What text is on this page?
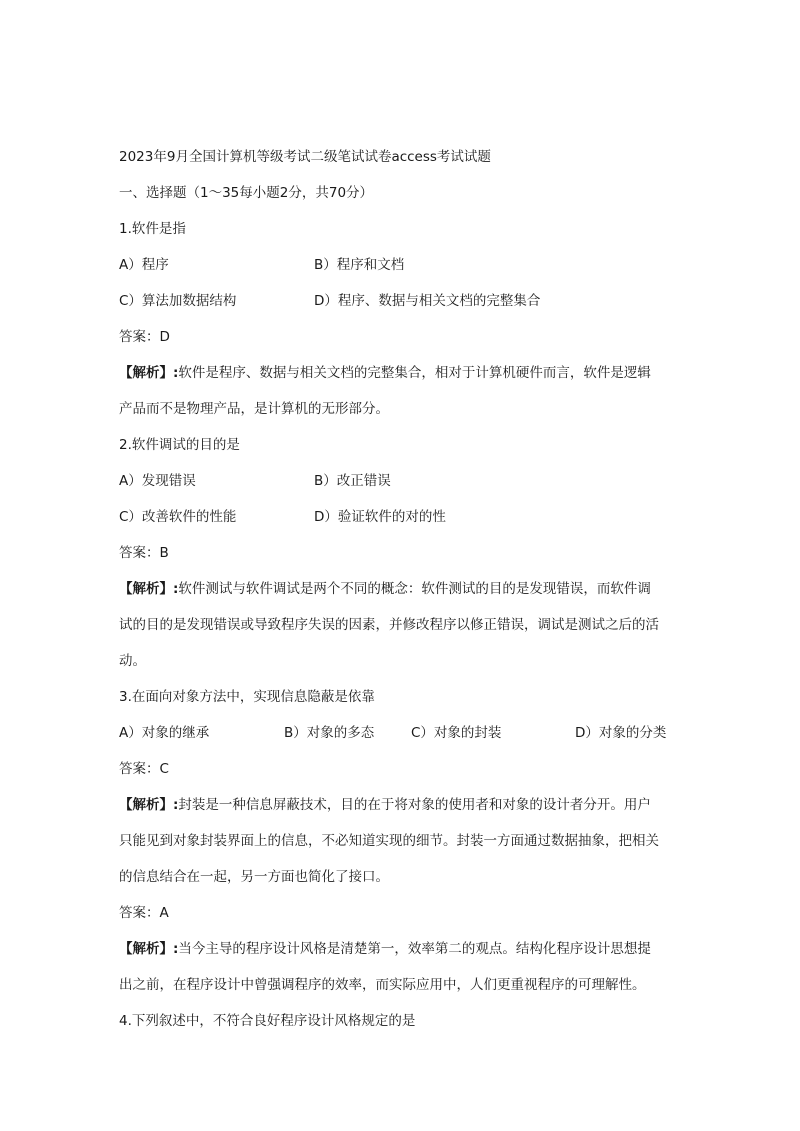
2023年9月全国计算机等级考试二级笔试试卷access考试试题
一、选择题（1～35每小题2分，共70分）
1.软件是指
A）程序	B）程序和文档
C）算法加数据结构	D）程序、数据与相关文档的完整集合
答案：D
【解析】:软件是程序、数据与相关文档的完整集合，相对于计算机硬件而言，软件是逻辑
产品而不是物理产品，是计算机的无形部分。
2.软件调试的目的是
A）发现错误	B）改正错误
C）改善软件的性能	D）验证软件的对的性
答案：B
【解析】:软件测试与软件调试是两个不同的概念：软件测试的目的是发现错误，而软件调
试的目的是发现错误或导致程序失误的因素，并修改程序以修正错误，调试是测试之后的活
动。
3.在面向对象方法中，实现信息隐蔽是依靠
A）对象的继承	B）对象的多态	C）对象的封装	D）对象的分类
答案：C
【解析】:封装是一种信息屏蔽技术，目的在于将对象的使用者和对象的设计者分开。用户
只能见到对象封装界面上的信息，不必知道实现的细节。封装一方面通过数据抽象，把相关
的信息结合在一起，另一方面也简化了接口。
答案：A
【解析】:当今主导的程序设计风格是清楚第一，效率第二的观点。结构化程序设计思想提
出之前，在程序设计中曾强调程序的效率，而实际应用中，人们更重视程序的可理解性。
4.下列叙述中，不符合良好程序设计风格规定的是
